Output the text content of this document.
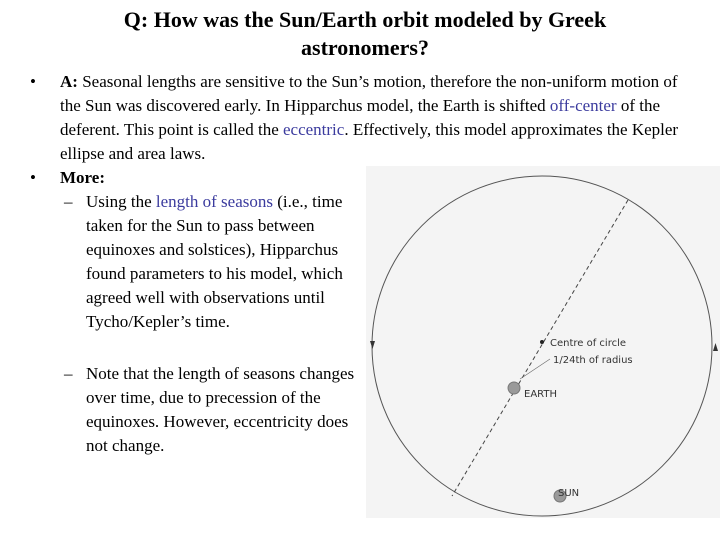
Q: How was the Sun/Earth orbit modeled by Greek
astronomers?
• A: Seasonal lengths are sensitive to the Sun’s motion, therefore the non-uniform motion of the Sun was discovered early. In Hipparchus model, the Earth is shifted off-center of the deferent. This point is called the eccentric. Effectively, this model approximates the Kepler ellipse and area laws.
• More:
– Using the length of seasons (i.e., time taken for the Sun to pass between equinoxes and solstices), Hipparchus found parameters to his model, which agreed well with observations until Tycho/Kepler’s time.
– Note that the length of seasons changes over time, due to precession of the equinoxes. However, eccentricity does not change.
Centre of circle
1/24th of radius
EARTH
SUN
